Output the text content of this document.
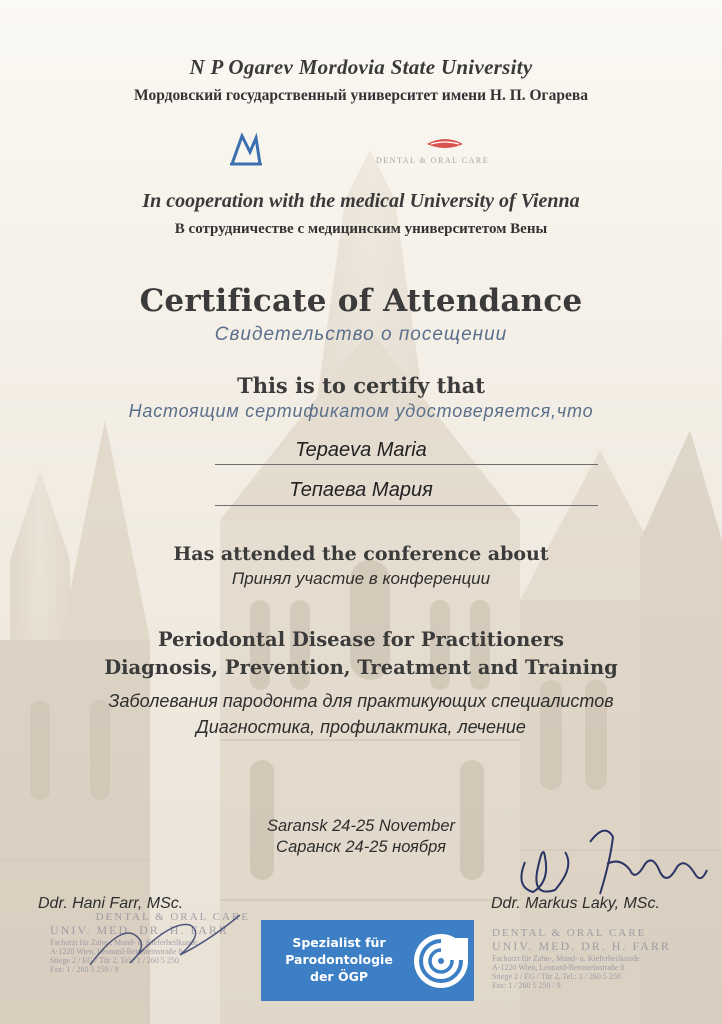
N P Ogarev Mordovia State University
Мордовский государственный университет имени Н. П. Огарева
DENTAL & ORAL CARE
In cooperation with the medical University of Vienna
В сотрудничестве с медицинским университетом Вены
Certificate of Attendance
Свидетельство о посещении
This is to certify that
Настоящим сертификатом удостоверяется,что
Tepaeva Maria
Тепаева Мария
Has attended the conference about
Принял участие в конференции
Periodontal Disease for Practitioners
Diagnosis, Prevention, Treatment and Training
Заболевания пародонта для практикующих специалистов
Диагностика, профилактика, лечение
Saransk 24-25 November
Саранск 24-25 ноября
Ddr. Hani Farr, MSc.	Ddr. Markus Laky, MSc.
DENTAL & ORAL CARE
UNIV. MED. DR. H. FARR
Facharzt für Zahn-, Mund- u. Kieferheilkunde
A-1220 Wien, Leonard-Bernsteinstraße 8
Stiege 2 / EG / Tür 2, Tel.: 1 / 260 5 250
Fax: 1 / 260 5 250 / 9
Spezialist für
Parodontologie
der ÖGP
DENTAL & ORAL CARE
UNIV. MED. DR. H. FARR
Facharzt für Zahn-, Mund- u. Kieferheilkunde
A-1220 Wien, Leonard-Bernsteinstraße 8
Stiege 2 / EG / Tür 2, Tel.: 1 / 260 5 250
Fax: 1 / 260 5 250 / 9
